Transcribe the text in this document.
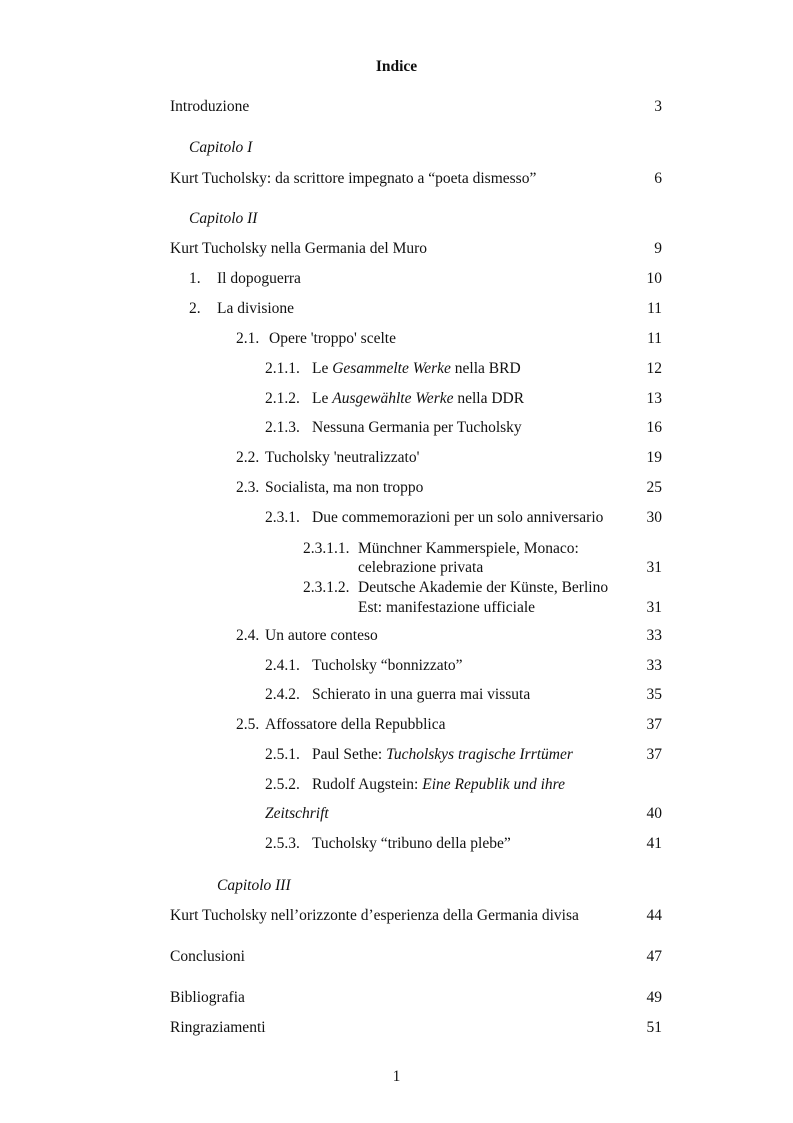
Indice
Introduzione	3
Capitolo I
Kurt Tucholsky: da scrittore impegnato a “poeta dismesso”	6
Capitolo II
Kurt Tucholsky nella Germania del Muro	9
1. Il dopoguerra	10
2. La divisione	11
2.1. Opere 'troppo' scelte	11
2.1.1. Le Gesammelte Werke nella BRD	12
2.1.2. Le Ausgewählte Werke nella DDR	13
2.1.3. Nessuna Germania per Tucholsky	16
2.2. Tucholsky 'neutralizzato'	19
2.3. Socialista, ma non troppo	25
2.3.1. Due commemorazioni per un solo anniversario	30
2.3.1.1. Münchner Kammerspiele, Monaco:
celebrazione privata	31
2.3.1.2. Deutsche Akademie der Künste, Berlino
Est: manifestazione ufficiale	31
2.4. Un autore conteso	33
2.4.1. Tucholsky “bonnizzato”	33
2.4.2. Schierato in una guerra mai vissuta	35
2.5. Affossatore della Repubblica	37
2.5.1. Paul Sethe: Tucholskys tragische Irrtümer	37
2.5.2. Rudolf Augstein: Eine Republik und ihre
Zeitschrift	40
2.5.3. Tucholsky “tribuno della plebe”	41
Capitolo III
Kurt Tucholsky nell’orizzonte d’esperienza della Germania divisa	44
Conclusioni	47
Bibliografia	49
Ringraziamenti	51
1
